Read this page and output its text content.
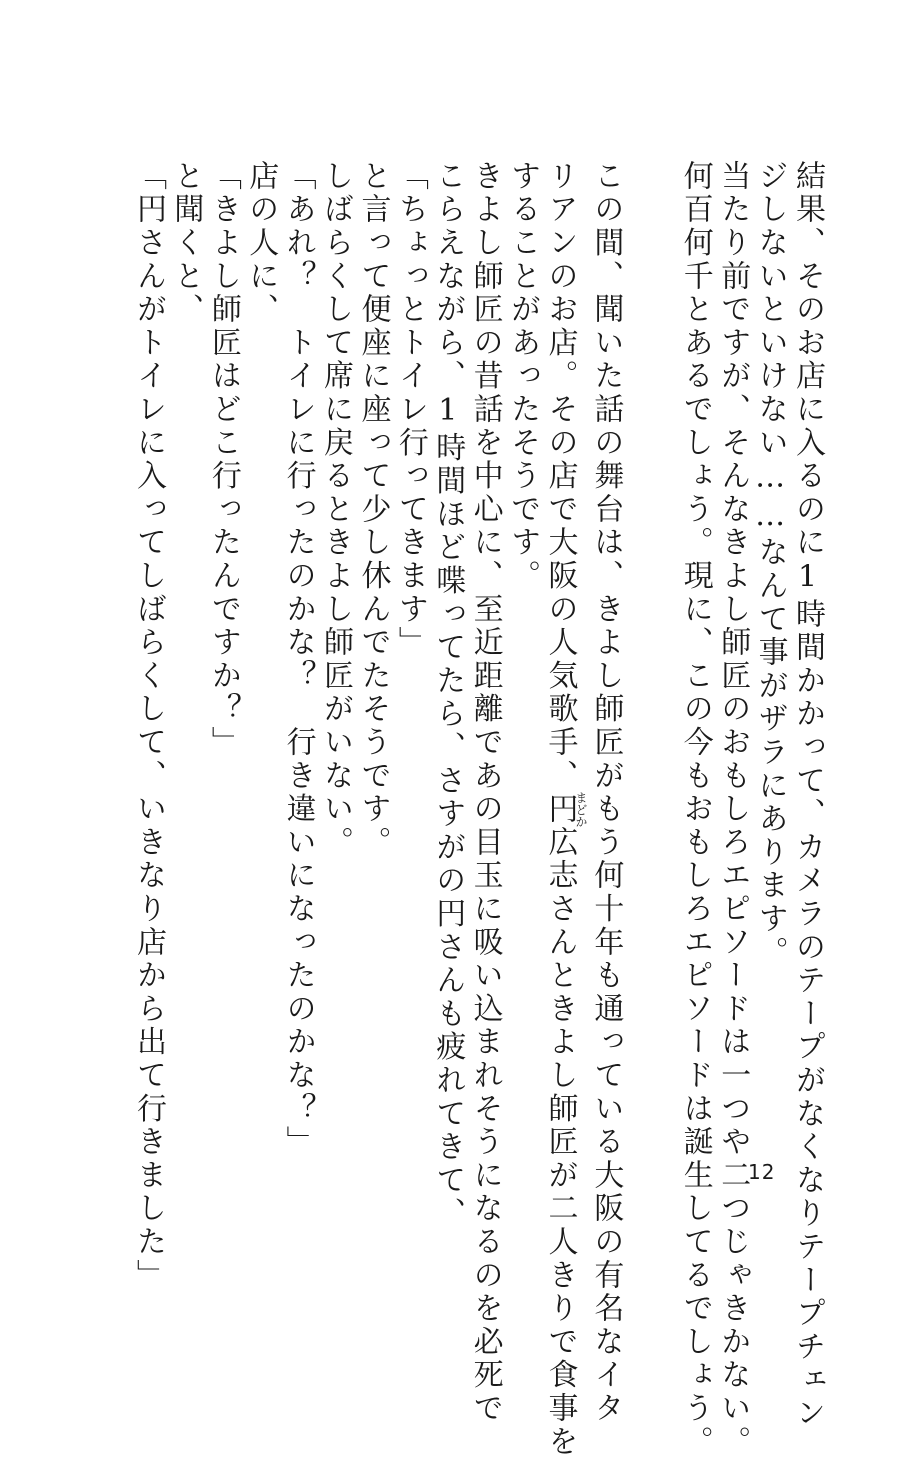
結果、そのお店に入るのに1時間かかって、カメラのテープがなくなりテープチェン
ジしないといけない……なんて事がザラにあります。
当たり前ですが、そんなきよし師匠のおもしろエピソードは一つや二つじゃきかない。
何百何千とあるでしょう。現に、この今もおもしろエピソードは誕生してるでしょう。
この間、聞いた話の舞台は、きよし師匠がもう何十年も通っている大阪の有名なイタ
リアンのお店。その店で大阪の人気歌手、円まどか広志さんときよし師匠が二人きりで食事を
することがあったそうです。
きよし師匠の昔話を中心に、至近距離であの目玉に吸い込まれそうになるのを必死で
こらえながら、1時間ほど喋ってたら、さすがの円さんも疲れてきて、
「ちょっとトイレ行ってきます」
と言って便座に座って少し休んでたそうです。
しばらくして席に戻るときよし師匠がいない。
「あれ？　トイレに行ったのかな？　行き違いになったのかな？」
店の人に、
「きよし師匠はどこ行ったんですか？」
と聞くと、
「円さんがトイレに入ってしばらくして、いきなり店から出て行きました」	12
